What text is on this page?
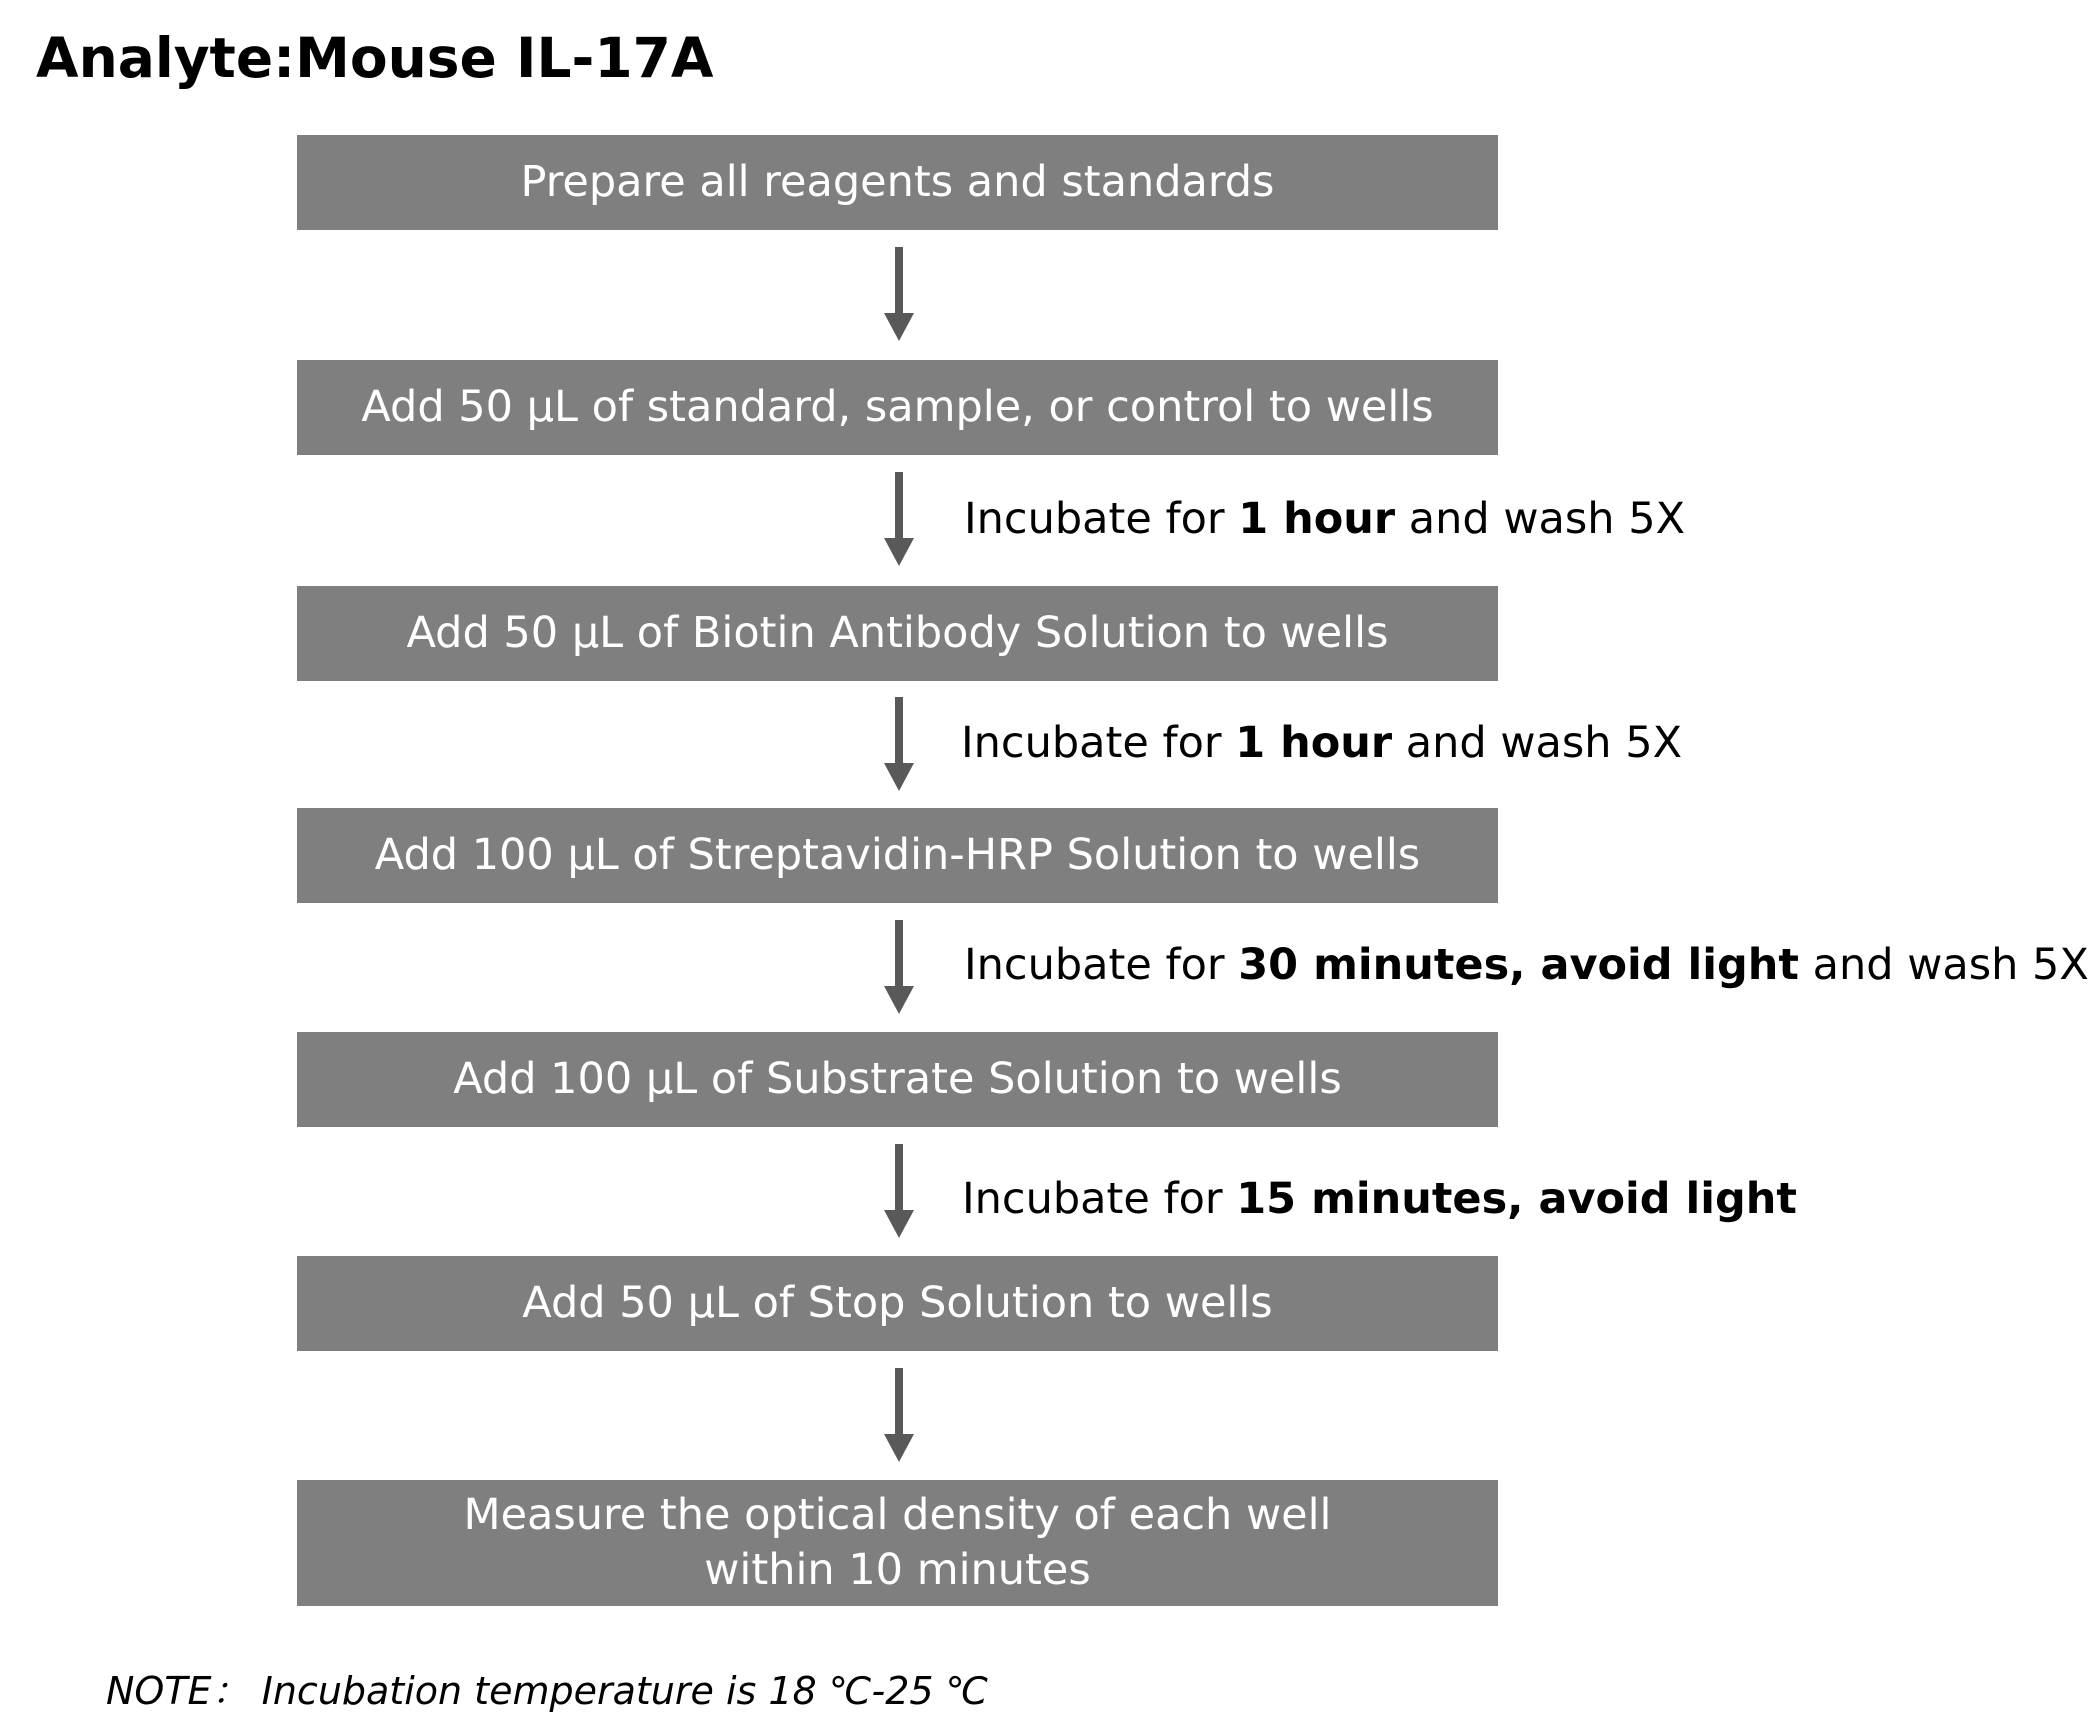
Analyte:Mouse IL-17A
Prepare all reagents and standards
Add 50 µL of standard, sample, or control to wells
Incubate for 1 hour and wash 5X
Add 50 µL of Biotin Antibody Solution to wells
Incubate for 1 hour and wash 5X
Add 100 µL of Streptavidin-HRP Solution to wells
Incubate for 30 minutes, avoid light and wash 5X
Add 100 µL of Substrate Solution to wells
Incubate for 15 minutes, avoid light
Add 50 µL of Stop Solution to wells
Measure the optical density of each well within 10 minutes
NOTE： Incubation temperature is 18 ℃-25 ℃
